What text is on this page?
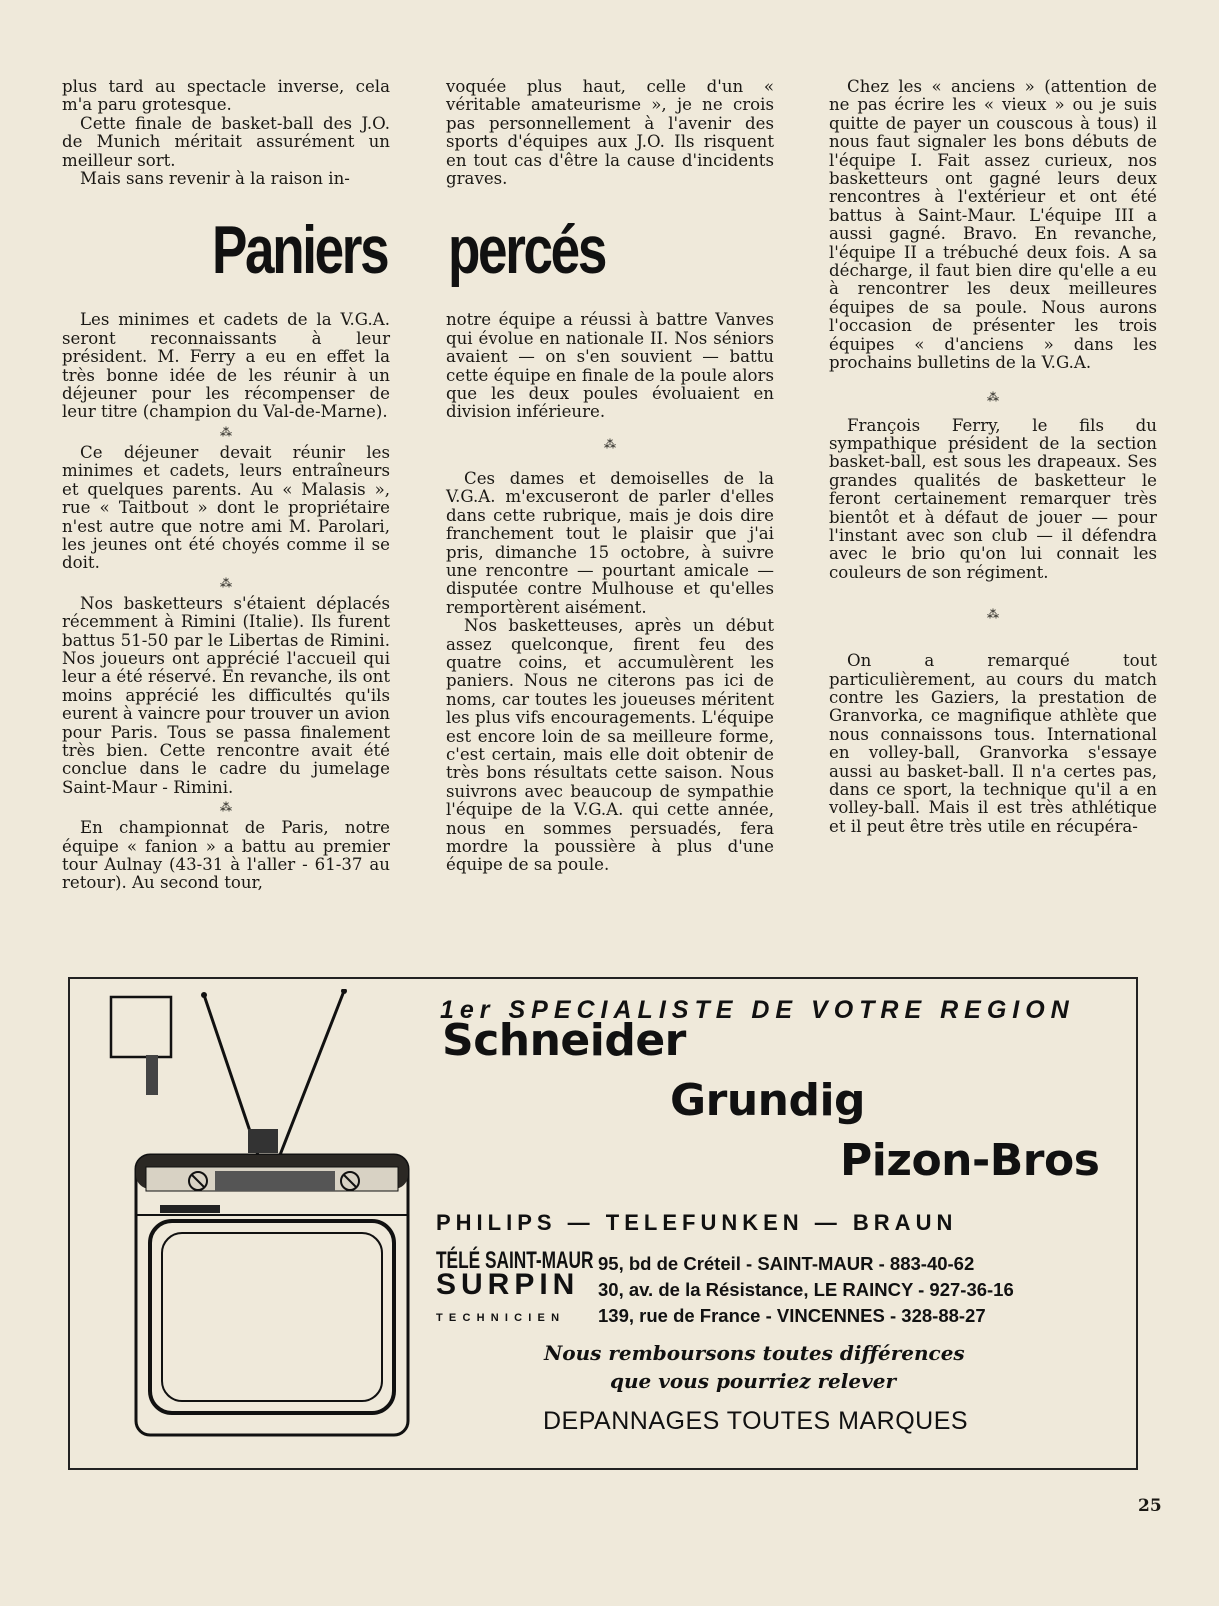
plus tard au spectacle inverse, cela m'a paru grotesque.

Cette finale de basket-ball des J.O. de Munich méritait assurément un meilleur sort.

Mais sans revenir à la raison in-

Les minimes et cadets de la V.G.A. seront reconnaissants à leur président. M. Ferry a eu en effet la très bonne idée de les réunir à un déjeuner pour les récompenser de leur titre (champion du Val-de-Marne).

⁂

Ce déjeuner devait réunir les minimes et cadets, leurs entraîneurs et quelques parents. Au « Malasis », rue « Taitbout » dont le propriétaire n'est autre que notre ami M. Parolari, les jeunes ont été choyés comme il se doit.

⁂

Nos basketteurs s'étaient déplacés récemment à Rimini (Italie). Ils furent battus 51-50 par le Libertas de Rimini. Nos joueurs ont apprécié l'accueil qui leur a été réservé. En revanche, ils ont moins apprécié les difficultés qu'ils eurent à vaincre pour trouver un avion pour Paris. Tous se passa finalement très bien. Cette rencontre avait été conclue dans le cadre du jumelage Saint-Maur - Rimini.

⁂

En championnat de Paris, notre équipe « fanion » a battu au premier tour Aulnay (43-31 à l'aller - 61-37 au retour). Au second tour,

voquée plus haut, celle d'un « véritable amateurisme », je ne crois pas personnellement à l'avenir des sports d'équipes aux J.O. Ils risquent en tout cas d'être la cause d'incidents graves.

notre équipe a réussi à battre Vanves qui évolue en nationale II. Nos séniors avaient — on s'en souvient — battu cette équipe en finale de la poule alors que les deux poules évoluaient en division inférieure.

⁂

Ces dames et demoiselles de la V.G.A. m'excuseront de parler d'elles dans cette rubrique, mais je dois dire franchement tout le plaisir que j'ai pris, dimanche 15 octobre, à suivre une rencontre — pourtant amicale — disputée contre Mulhouse et qu'elles remportèrent aisément.

Nos basketteuses, après un début assez quelconque, firent feu des quatre coins, et accumulèrent les paniers. Nous ne citerons pas ici de noms, car toutes les joueuses méritent les plus vifs encouragements. L'équipe est encore loin de sa meilleure forme, c'est certain, mais elle doit obtenir de très bons résultats cette saison. Nous suivrons avec beaucoup de sympathie l'équipe de la V.G.A. qui cette année, nous en sommes persuadés, fera mordre la poussière à plus d'une équipe de sa poule.

Chez les « anciens » (attention de ne pas écrire les « vieux » ou je suis quitte de payer un couscous à tous) il nous faut signaler les bons débuts de l'équipe I. Fait assez curieux, nos basketteurs ont gagné leurs deux rencontres à l'extérieur et ont été battus à Saint-Maur. L'équipe III a aussi gagné. Bravo. En revanche, l'équipe II a trébuché deux fois. A sa décharge, il faut bien dire qu'elle a eu à rencontrer les deux meilleures équipes de sa poule. Nous aurons l'occasion de présenter les trois équipes « d'anciens » dans les prochains bulletins de la V.G.A.

⁂

François Ferry, le fils du sympathique président de la section basket-ball, est sous les drapeaux. Ses grandes qualités de basketteur le feront certainement remarquer très bientôt et à défaut de jouer — pour l'instant avec son club — il défendra avec le brio qu'on lui connait les couleurs de son régiment.

⁂

On a remarqué tout particulièrement, au cours du match contre les Gaziers, la prestation de Granvorka, ce magnifique athlète que nous connaissons tous. International en volley-ball, Granvorka s'essaye aussi au basket-ball. Il n'a certes pas, dans ce sport, la technique qu'il a en volley-ball. Mais il est très athlétique et il peut être très utile en récupéra-

Paniers percés
1er SPECIALISTE DE VOTRE REGION
Schneider
Grundig
Pizon-Bros
PHILIPS — TELEFUNKEN — BRAUN
TÉLÉ SAINT-MAUR
SURPIN
TECHNICIEN
95, bd de Créteil - SAINT-MAUR - 883-40-62
30, av. de la Résistance, LE RAINCY - 927-36-16
139, rue de France - VINCENNES - 328-88-27
Nous remboursons toutes différences
que vous pourriez relever
DEPANNAGES TOUTES MARQUES
25
